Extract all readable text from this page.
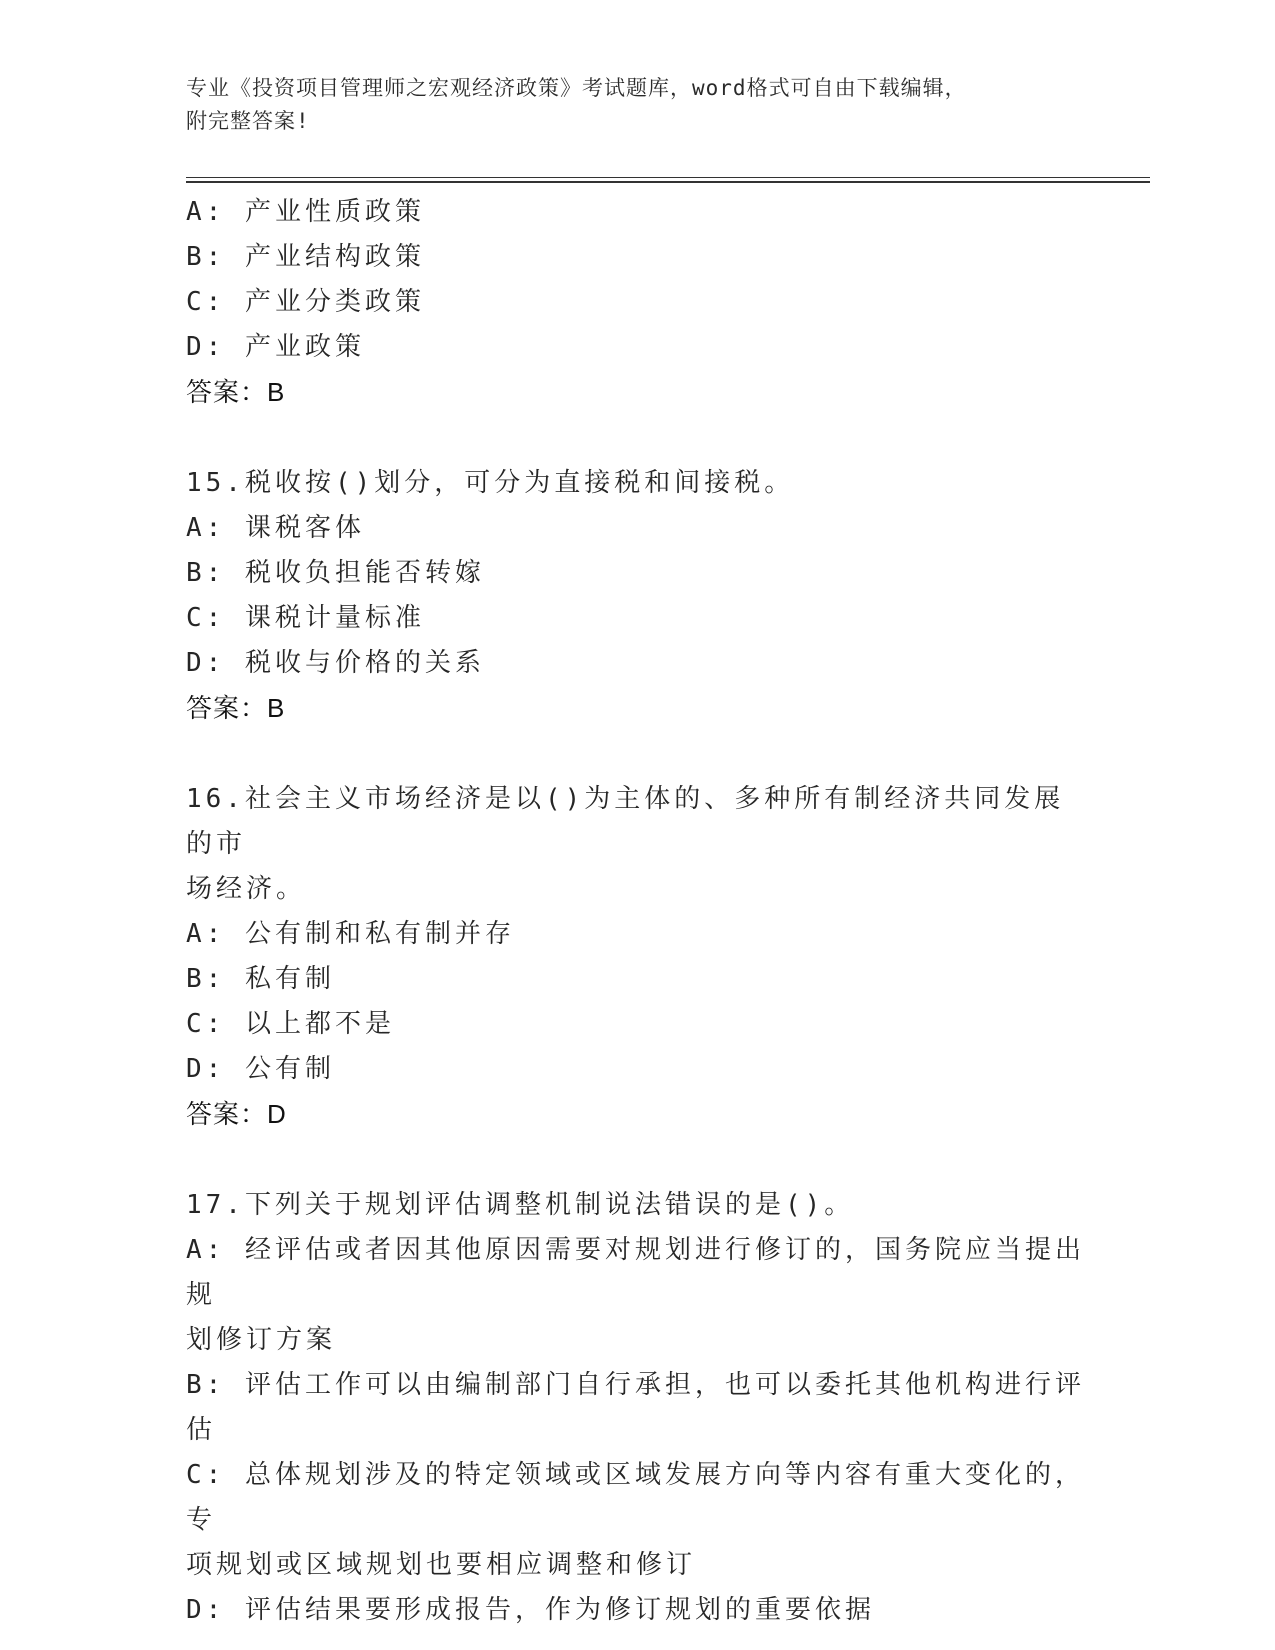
专业《投资项目管理师之宏观经济政策》考试题库，word格式可自由下载编辑，
附完整答案!
A: 产业性质政策
B: 产业结构政策
C: 产业分类政策
D: 产业政策
答案：B
15.税收按()划分，可分为直接税和间接税。
A: 课税客体
B: 税收负担能否转嫁
C: 课税计量标准
D: 税收与价格的关系
答案：B
16.社会主义市场经济是以()为主体的、多种所有制经济共同发展的市
场经济。
A: 公有制和私有制并存
B: 私有制
C: 以上都不是
D: 公有制
答案：D
17.下列关于规划评估调整机制说法错误的是()。
A: 经评估或者因其他原因需要对规划进行修订的，国务院应当提出规
划修订方案
B: 评估工作可以由编制部门自行承担，也可以委托其他机构进行评估
C: 总体规划涉及的特定领域或区域发展方向等内容有重大变化的，专
项规划或区域规划也要相应调整和修订
D: 评估结果要形成报告，作为修订规划的重要依据
